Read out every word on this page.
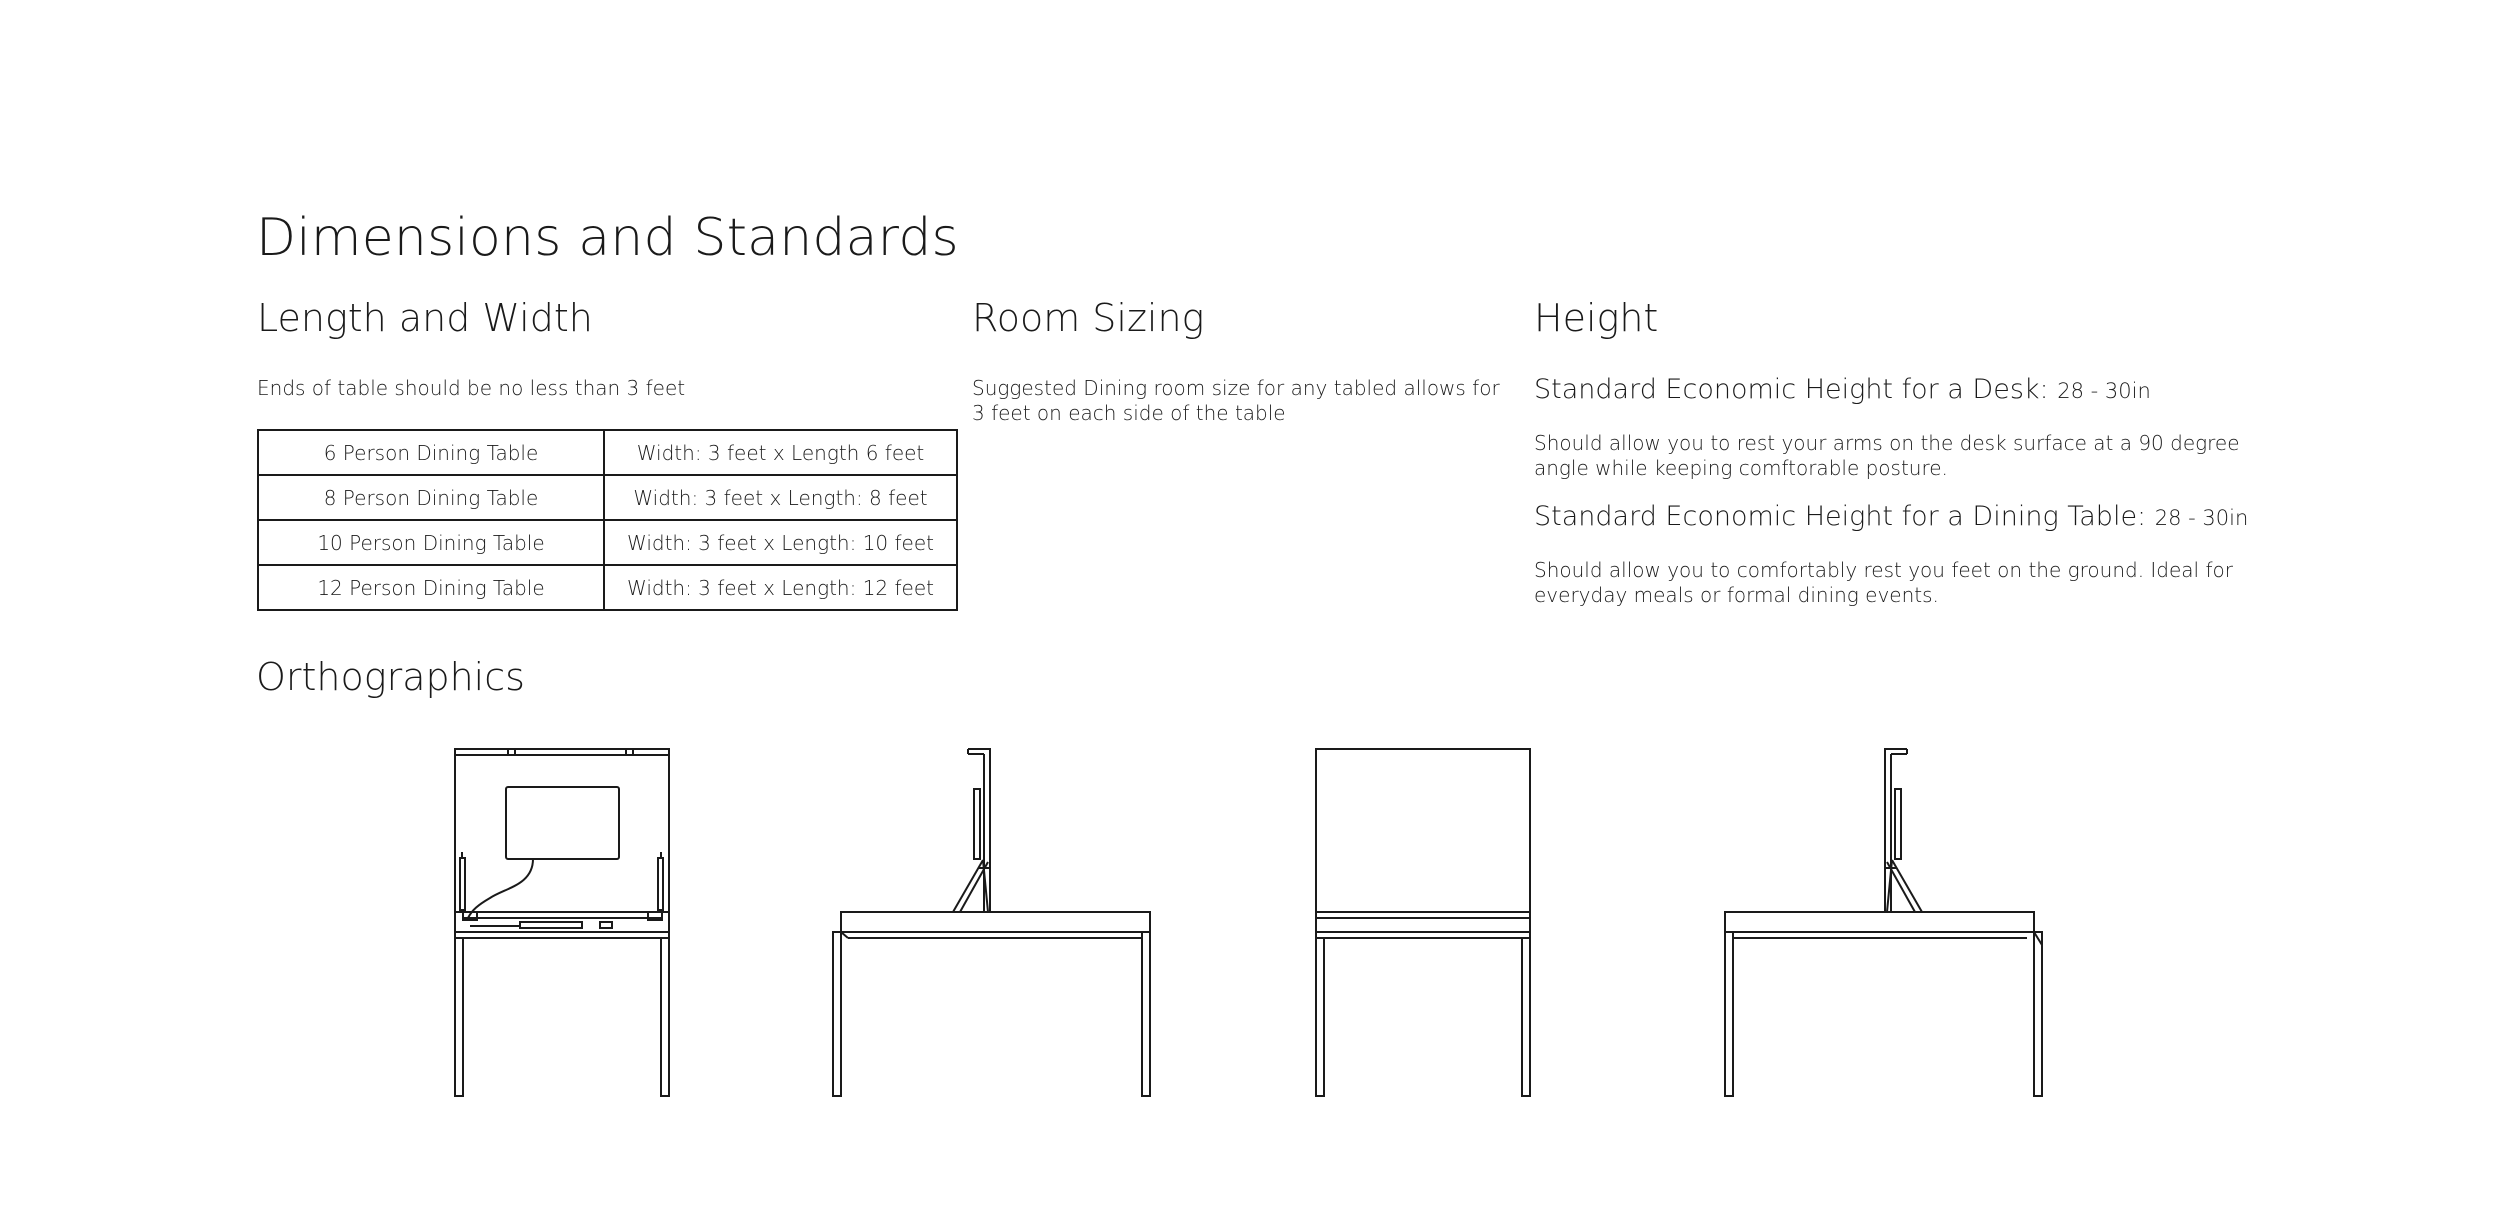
Dimensions and Standards
Length and Width
Ends of table should be no less than 3 feet
6 Person Dining Table	Width: 3 feet x Length 6 feet
8 Person Dining Table	Width: 3 feet x Length: 8 feet
10 Person Dining Table	Width: 3 feet x Length: 10 feet
12 Person Dining Table	Width: 3 feet x Length: 12 feet
Room Sizing
Suggested Dining room size for any tabled allows for 3 feet on each side of the table
Height
Standard Economic Height for a Desk: 28 - 30in
Should allow you to rest your arms on the desk surface at a 90 degree angle while keeping comftorable posture.
Standard Economic Height for a Dining Table: 28 - 30in
Should allow you to comfortably rest you feet on the ground. Ideal for everyday meals or formal dining events.
Orthographics
